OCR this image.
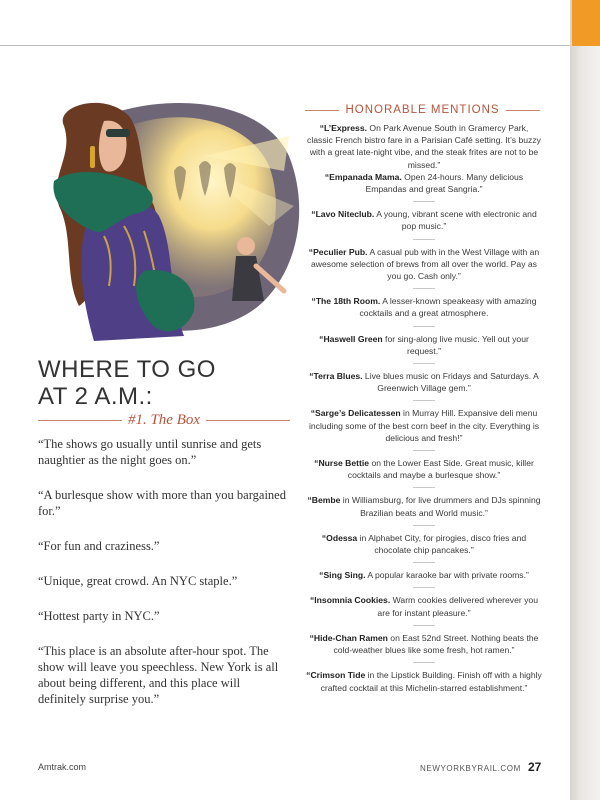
WHERE TO GO
AT 2 A.M.:
#1. The Box
“The shows go usually until sunrise and gets naughtier as the night goes on.”
“A burlesque show with more than you bargained for.”
“For fun and craziness.”
“Unique, great crowd. An NYC staple.”
“Hottest party in NYC.”
“This place is an absolute after-hour spot. The show will leave you speechless. New York is all about being different, and this place will definitely surprise you.”
HONORABLE MENTIONS
“L’Express. On Park Avenue South in Gramercy Park, classic French bistro fare in a Parisian Café setting. It’s buzzy with a great late-night vibe, and the steak frites are not to be missed.”
“Empanada Mama. Open 24-hours. Many delicious Empandas and great Sangria.”
“Lavo Niteclub. A young, vibrant scene with electronic and pop music.”
“Peculier Pub. A casual pub with in the West Village with an awesome selection of brews from all over the world. Pay as you go. Cash only.”
“The 18th Room. A lesser-known speakeasy with amazing cocktails and a great atmosphere.
“Haswell Green for sing-along live music. Yell out your request.”
“Terra Blues. Live blues music on Fridays and Saturdays. A Greenwich Village gem.”
“Sarge’s Delicatessen in Murray Hill. Expansive deli menu including some of the best corn beef in the city. Everything is delicious and fresh!”
“Nurse Bettie on the Lower East Side. Great music, killer cocktails and maybe a burlesque show.”
“Bembe in Williamsburg, for live drummers and DJs spinning Brazilian beats and World music.”
“Odessa in Alphabet City, for pirogies, disco fries and chocolate chip pancakes.”
“Sing Sing. A popular karaoke bar with private rooms.”
“Insomnia Cookies. Warm cookies delivered wherever you are for instant pleasure.”
“Hide-Chan Ramen on East 52nd Street. Nothing beats the cold-weather blues like some fresh, hot ramen.”
“Crimson Tide in the Lipstick Building. Finish off with a highly crafted cocktail at this Michelin-starred establishment.”
Amtrak.com	NEWYORKBYRAIL.COM 27
